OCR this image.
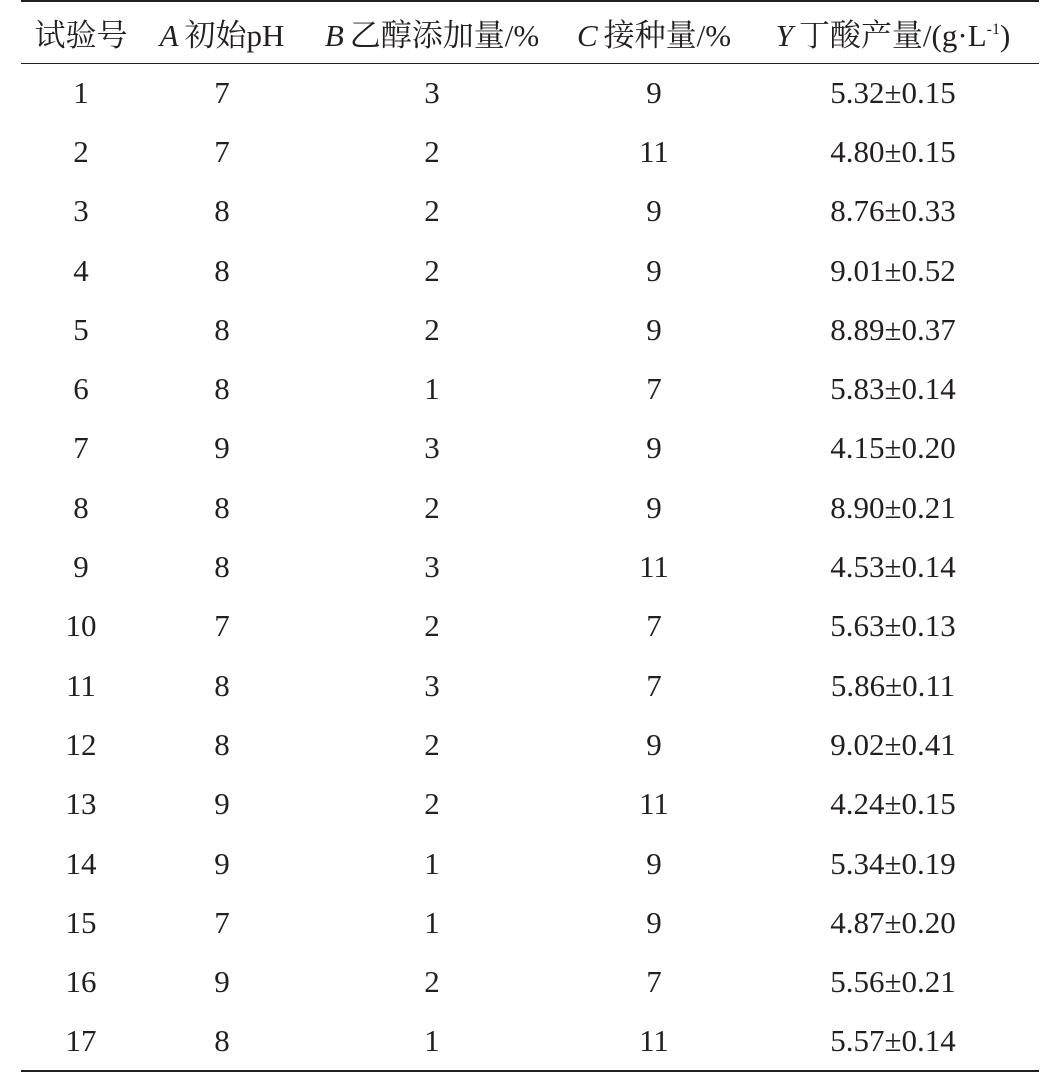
试验号	A 初始pH	B 乙醇添加量/%	C 接种量/%	Y 丁酸产量$/(g\cdot L^{-1})$
1	7	3	9	5.32±0.15
2	7	2	11	4.80±0.15
3	8	2	9	8.76±0.33
4	8	2	9	9.01±0.52
5	8	2	9	8.89±0.37
6	8	1	7	5.83±0.14
7	9	3	9	4.15±0.20
8	8	2	9	8.90±0.21
9	8	3	11	4.53±0.14
10	7	2	7	5.63±0.13
11	8	3	7	5.86±0.11
12	8	2	9	9.02±0.41
13	9	2	11	4.24±0.15
14	9	1	9	5.34±0.19
15	7	1	9	4.87±0.20
16	9	2	7	5.56±0.21
17	8	1	11	5.57±0.14
